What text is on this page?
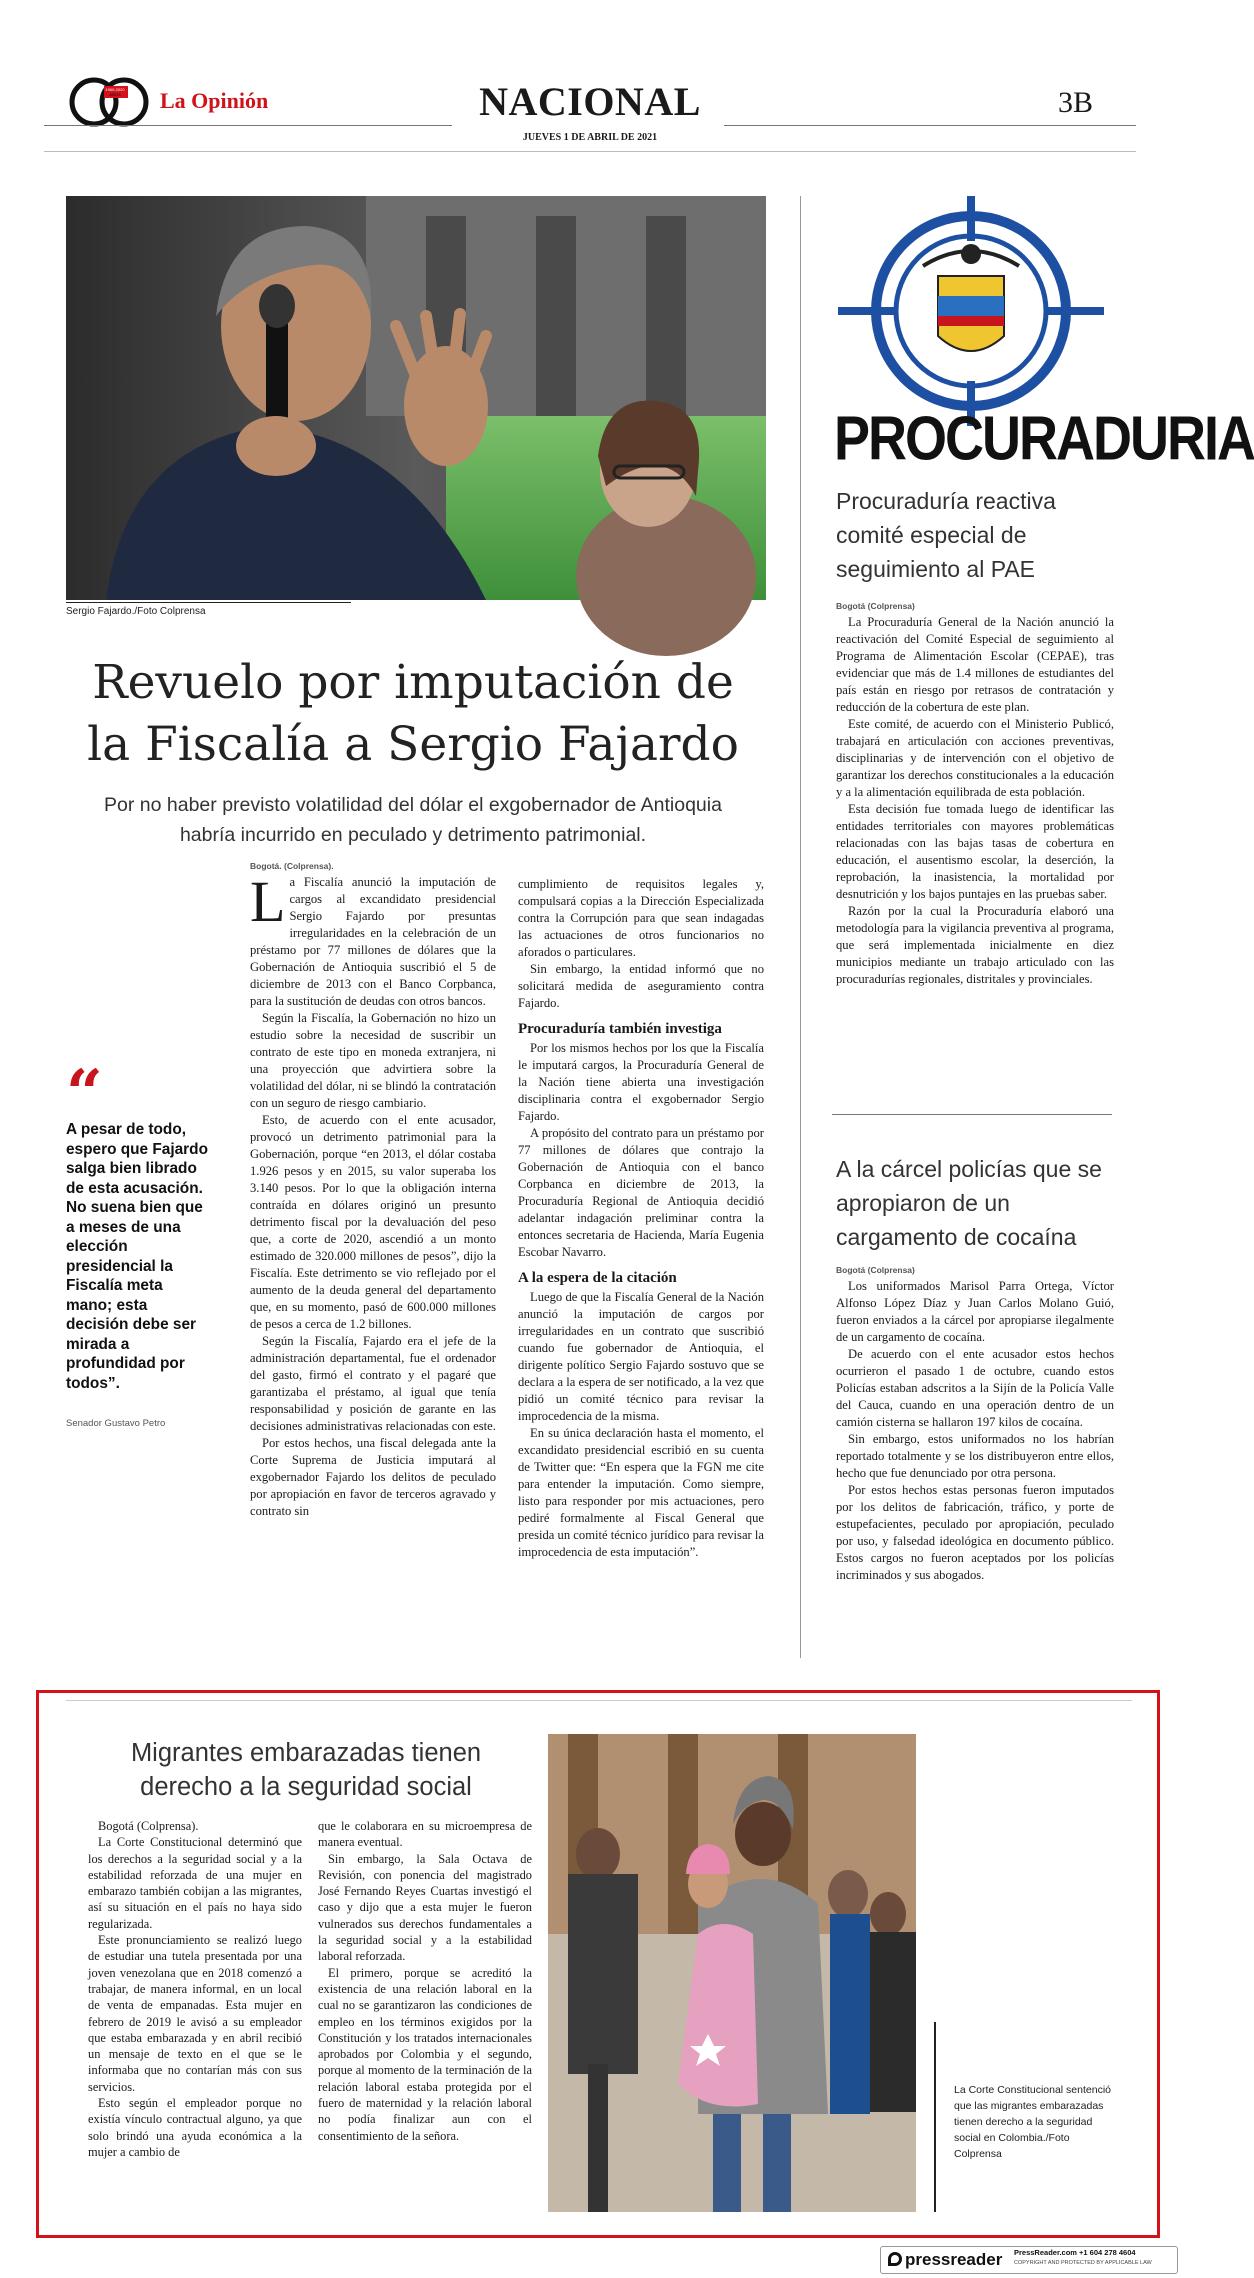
1960-2020
AÑOS
60
La Opinión	NACIONAL
JUEVES 1 DE ABRIL DE 2021
3B
Sergio Fajardo./Foto Colprensa
Revuelo por imputación de
la Fiscalía a Sergio Fajardo
Por no haber previsto volatilidad del dólar el exgobernador de Antioquia
habría incurrido en peculado y detrimento patrimonial.
“
A pesar de todo, espero que Fajardo salga bien librado de esta acusación. No suena bien que a meses de una elección presidencial la Fiscalía meta mano; esta decisión debe ser mirada a profundidad por todos”.
Senador Gustavo Petro
Bogotá. (Colprensa).

La Fiscalía anunció la imputación de cargos al excandidato presidencial Sergio Fajardo por presuntas irregularidades en la celebración de un préstamo por 77 millones de dólares que la Gobernación de Antioquia suscribió el 5 de diciembre de 2013 con el Banco Corpbanca, para la sustitución de deudas con otros bancos.

Según la Fiscalía, la Gobernación no hizo un estudio sobre la necesidad de suscribir un contrato de este tipo en moneda extranjera, ni una proyección que advirtiera sobre la volatilidad del dólar, ni se blindó la contratación con un seguro de riesgo cambiario.

Esto, de acuerdo con el ente acusador, provocó un detrimento patrimonial para la Gobernación, porque “en 2013, el dólar costaba 1.926 pesos y en 2015, su valor superaba los 3.140 pesos. Por lo que la obligación interna contraída en dólares originó un presunto detrimento fiscal por la devaluación del peso que, a corte de 2020, ascendió a un monto estimado de 320.000 millones de pesos”, dijo la Fiscalía. Este detrimento se vio reflejado por el aumento de la deuda general del departamento que, en su momento, pasó de 600.000 millones de pesos a cerca de 1.2 billones.

Según la Fiscalía, Fajardo era el jefe de la administración departamental, fue el ordenador del gasto, firmó el contrato y el pagaré que garantizaba el préstamo, al igual que tenía responsabilidad y posición de garante en las decisiones administrativas relacionadas con este.

Por estos hechos, una fiscal delegada ante la Corte Suprema de Justicia imputará al exgobernador Fajardo los delitos de peculado por apropiación en favor de terceros agravado y contrato sin

cumplimiento de requisitos legales y, compulsará copias a la Dirección Especializada contra la Corrupción para que sean indagadas las actuaciones de otros funcionarios no aforados o particulares.

Sin embargo, la entidad informó que no solicitará medida de aseguramiento contra Fajardo.

Procuraduría también investiga

Por los mismos hechos por los que la Fiscalía le imputará cargos, la Procuraduría General de la Nación tiene abierta una investigación disciplinaria contra el exgobernador Sergio Fajardo.

A propósito del contrato para un préstamo por 77 millones de dólares que contrajo la Gobernación de Antioquia con el banco Corpbanca en diciembre de 2013, la Procuraduría Regional de Antioquia decidió adelantar indagación preliminar contra la entonces secretaria de Hacienda, María Eugenia Escobar Navarro.

A la espera de la citación

Luego de que la Fiscalía General de la Nación anunció la imputación de cargos por irregularidades en un contrato que suscribió cuando fue gobernador de Antioquia, el dirigente político Sergio Fajardo sostuvo que se declara a la espera de ser notificado, a la vez que pidió un comité técnico para revisar la improcedencia de la misma.

En su única declaración hasta el momento, el excandidato presidencial escribió en su cuenta de Twitter que: “En espera que la FGN me cite para entender la imputación. Como siempre, listo para responder por mis actuaciones, pero pediré formalmente al Fiscal General que presida un comité técnico jurídico para revisar la improcedencia de esta imputación”.

PROCURADURIA
Procuraduría reactiva comité especial de seguimiento al PAE
Bogotá (Colprensa)

La Procuraduría General de la Nación anunció la reactivación del Comité Especial de seguimiento al Programa de Alimentación Escolar (CEPAE), tras evidenciar que más de 1.4 millones de estudiantes del país están en riesgo por retrasos de contratación y reducción de la cobertura de este plan.

Este comité, de acuerdo con el Ministerio Publicó, trabajará en articulación con acciones preventivas, disciplinarias y de intervención con el objetivo de garantizar los derechos constitucionales a la educación y a la alimentación equilibrada de esta población.

Esta decisión fue tomada luego de identificar las entidades territoriales con mayores problemáticas relacionadas con las bajas tasas de cobertura en educación, el ausentismo escolar, la deserción, la reprobación, la inasistencia, la mortalidad por desnutrición y los bajos puntajes en las pruebas saber.

Razón por la cual la Procuraduría elaboró una metodología para la vigilancia preventiva al programa, que será implementada inicialmente en diez municipios mediante un trabajo articulado con las procuradurías regionales, distritales y provinciales.

A la cárcel policías que se apropiaron de un cargamento de cocaína
Bogotá (Colprensa)

Los uniformados Marisol Parra Ortega, Víctor Alfonso López Díaz y Juan Carlos Molano Guió, fueron enviados a la cárcel por apropiarse ilegalmente de un cargamento de cocaína.

De acuerdo con el ente acusador estos hechos ocurrieron el pasado 1 de octubre, cuando estos Policías estaban adscritos a la Sijín de la Policía Valle del Cauca, cuando en una operación dentro de un camión cisterna se hallaron 197 kilos de cocaína.

Sin embargo, estos uniformados no los habrían reportado totalmente y se los distribuyeron entre ellos, hecho que fue denunciado por otra persona.

Por estos hechos estas personas fueron imputados por los delitos de fabricación, tráfico, y porte de estupefacientes, peculado por apropiación, peculado por uso, y falsedad ideológica en documento público. Estos cargos no fueron aceptados por los policías incriminados y sus abogados.

Migrantes embarazadas tienen
derecho a la seguridad social
Bogotá (Colprensa).

La Corte Constitucional determinó que los derechos a la seguridad social y a la estabilidad reforzada de una mujer en embarazo también cobijan a las migrantes, así su situación en el país no haya sido regularizada.

Este pronunciamiento se realizó luego de estudiar una tutela presentada por una joven venezolana que en 2018 comenzó a trabajar, de manera informal, en un local de venta de empanadas. Esta mujer en febrero de 2019 le avisó a su empleador que estaba embarazada y en abril recibió un mensaje de texto en el que se le informaba que no contarían más con sus servicios.

Esto según el empleador porque no existía vínculo contractual alguno, ya que solo brindó una ayuda económica a la mujer a cambio de

que le colaborara en su microempresa de manera eventual.

Sin embargo, la Sala Octava de Revisión, con ponencia del magistrado José Fernando Reyes Cuartas investigó el caso y dijo que a esta mujer le fueron vulnerados sus derechos fundamentales a la seguridad social y a la estabilidad laboral reforzada.

El primero, porque se acreditó la existencia de una relación laboral en la cual no se garantizaron las condiciones de empleo en los términos exigidos por la Constitución y los tratados internacionales aprobados por Colombia y el segundo, porque al momento de la terminación de la relación laboral estaba protegida por el fuero de maternidad y la relación laboral no podía finalizar aun con el consentimiento de la señora.

La Corte Constitucional sentenció que las migrantes embarazadas tienen derecho a la seguridad social en Colombia./Foto Colprensa
pressreader PressReader.com +1 604 278 4604
COPYRIGHT AND PROTECTED BY APPLICABLE LAW
